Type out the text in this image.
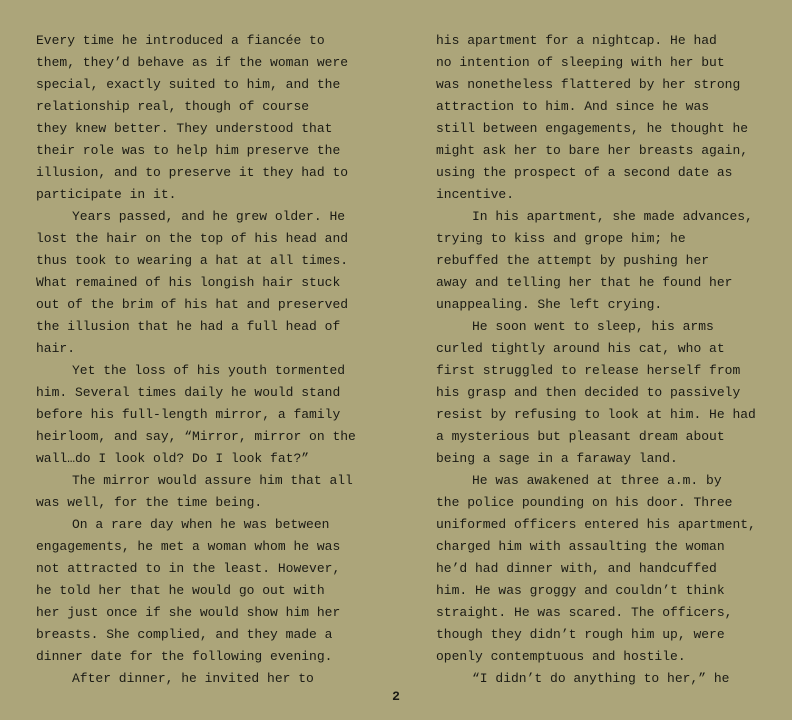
Every time he introduced a fiancée to
them, they’d behave as if the woman were
special, exactly suited to him, and the
relationship real, though of course
they knew better. They understood that
their role was to help him preserve the
illusion, and to preserve it they had to
participate in it.
Years passed, and he grew older. He
lost the hair on the top of his head and
thus took to wearing a hat at all times.
What remained of his longish hair stuck
out of the brim of his hat and preserved
the illusion that he had a full head of
hair.
Yet the loss of his youth tormented
him. Several times daily he would stand
before his full-length mirror, a family
heirloom, and say, “Mirror, mirror on the
wall…do I look old? Do I look fat?”
The mirror would assure him that all
was well, for the time being.
On a rare day when he was between
engagements, he met a woman whom he was
not attracted to in the least. However,
he told her that he would go out with
her just once if she would show him her
breasts. She complied, and they made a
dinner date for the following evening.
After dinner, he invited her to
his apartment for a nightcap. He had
no intention of sleeping with her but
was nonetheless flattered by her strong
attraction to him. And since he was
still between engagements, he thought he
might ask her to bare her breasts again,
using the prospect of a second date as
incentive.
In his apartment, she made advances,
trying to kiss and grope him; he
rebuffed the attempt by pushing her
away and telling her that he found her
unappealing. She left crying.
He soon went to sleep, his arms
curled tightly around his cat, who at
first struggled to release herself from
his grasp and then decided to passively
resist by refusing to look at him. He had
a mysterious but pleasant dream about
being a sage in a faraway land.
He was awakened at three a.m. by
the police pounding on his door. Three
uniformed officers entered his apartment,
charged him with assaulting the woman
he’d had dinner with, and handcuffed
him. He was groggy and couldn’t think
straight. He was scared. The officers,
though they didn’t rough him up, were
openly contemptuous and hostile.
“I didn’t do anything to her,” he
2
